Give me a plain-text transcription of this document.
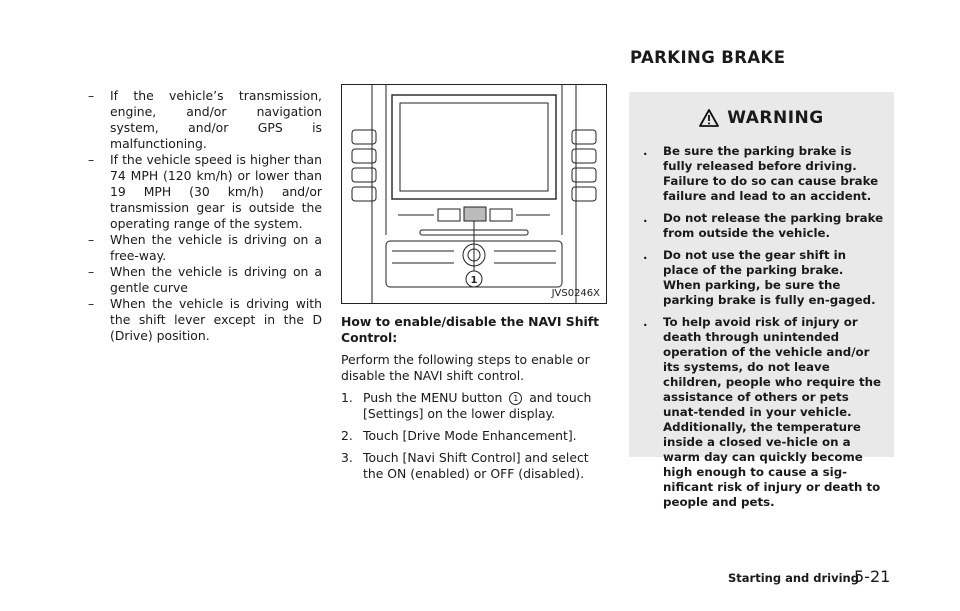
– If the vehicle’s transmission, engine, and/or navigation system, and/or GPS is malfunctioning.

– If the vehicle speed is higher than 74 MPH (120 km/h) or lower than 19 MPH (30 km/h) and/or transmission gear is outside the operating range of the system.

– When the vehicle is driving on a free-way.

– When the vehicle is driving on a gentle curve

– When the vehicle is driving with the shift lever except in the D (Drive) position.

1
JVS0246X
How to enable/disable the NAVI Shift Control:

Perform the following steps to enable or disable the NAVI shift control.

1. Push the MENU button 1 and touch [Settings] on the lower display.

2. Touch [Drive Mode Enhancement].

3. Touch [Navi Shift Control] and select the ON (enabled) or OFF (disabled).

PARKING BRAKE
WARNING

. Be sure the parking brake is fully released before driving. Failure to do so can cause brake failure and lead to an accident.

. Do not release the parking brake from outside the vehicle.

. Do not use the gear shift in place of the parking brake. When parking, be sure the parking brake is fully en-gaged.

. To help avoid risk of injury or death through unintended operation of the vehicle and/or its systems, do not leave children, people who require the assistance of others or pets unat-tended in your vehicle. Additionally, the temperature inside a closed ve-hicle on a warm day can quickly become high enough to cause a sig-nificant risk of injury or death to people and pets.

Starting and driving
5-21
